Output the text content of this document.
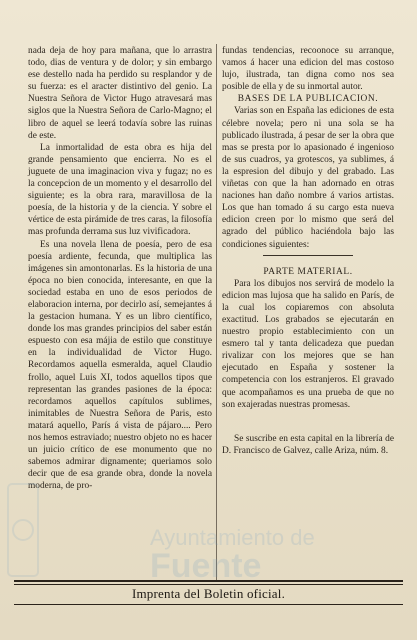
nada deja de hoy para mañana, que lo arrastra todo, dias de ventura y de dolor; y sin embargo ese destello nada ha perdido su resplandor y de su fuerza: es el aracter distintivo del genio. La Nuestra Señora de Victor Hugo atravesará mas siglos que la Nuestra Señora de Carlo-Magno; el libro de aquel se leerá todavía sobre las ruinas de este.

La inmortalidad de esta obra es hija del grande pensamiento que encierra. No es el juguete de una imaginacion viva y fugaz; no es la concepcion de un momento y el desarrollo del siguiente; es la obra rara, maravillosa de la poesía, de la historia y de la ciencia. Y sobre el vértice de esta pirámide de tres caras, la filosofía mas profunda derrama sus luz vivificadora.

Es una novela llena de poesía, pero de esa poesía ardiente, fecunda, que multiplica las imágenes sin amontonarlas. Es la historia de una época no bien conocida, interesante, en que la sociedad estaba en uno de esos periodos de elaboracion interna, por decirlo así, semejantes á la gestacion humana. Y es un libro científico, donde los mas grandes principios del saber están espuesto con esa májia de estilo que constituye en la individualidad de Victor Hugo. Recordamos aquella esmeralda, aquel Claudio frollo, aquel Luis XI, todos aquellos tipos que representan las grandes pasiones de la época: recordamos aquellos capítulos sublimes, inimitables de Nuestra Señora de Paris, esto matará aquello, París á vista de pájaro.... Pero nos hemos estraviado; nuestro objeto no es hacer un juicio crítico de ese monumento que no sabemos admirar dignamente; queriamos solo decir que de esa grande obra, donde la novela moderna, de pro-

fundas tendencias, recoonoce su arranque, vamos á hacer una edicion del mas costoso lujo, ilustrada, tan digna como nos sea posible de ella y de su inmortal autor.

BASES DE LA PUBLICACION.

Varias son en España las ediciones de esta célebre novela; pero ni una sola se ha publicado ilustrada, á pesar de ser la obra que mas se presta por lo apasionado é ingenioso de sus cuadros, ya grotescos, ya sublimes, á la espresion del dibujo y del grabado. Las viñetas con que la han adornado en otras naciones han daño nombre á varios artistas. Los que han tomado á su cargo esta nueva edicion creen por lo mismo que será del agrado del público haciéndola bajo las condiciones siguientes:

PARTE MATERIAL.

Para los dibujos nos servirá de modelo la edicion mas lujosa que ha salido en París, de la cual los copiaremos con absoluta exactitud. Los grabados se ejecutarán en nuestro propio establecimiento con un esmero tal y tanta delicadeza que puedan rivalizar con los mejores que se han ejecutado en España y sostener la competencia con los estranjeros. El gravado que acompañamos es una prueba de que no son exajeradas nuestras promesas.

Se suscribe en esta capital en la librería de D. Francisco de Galvez, calle Ariza, núm. 8.

Ayuntamiento de
Fuente
Imprenta del Boletin oficial.
